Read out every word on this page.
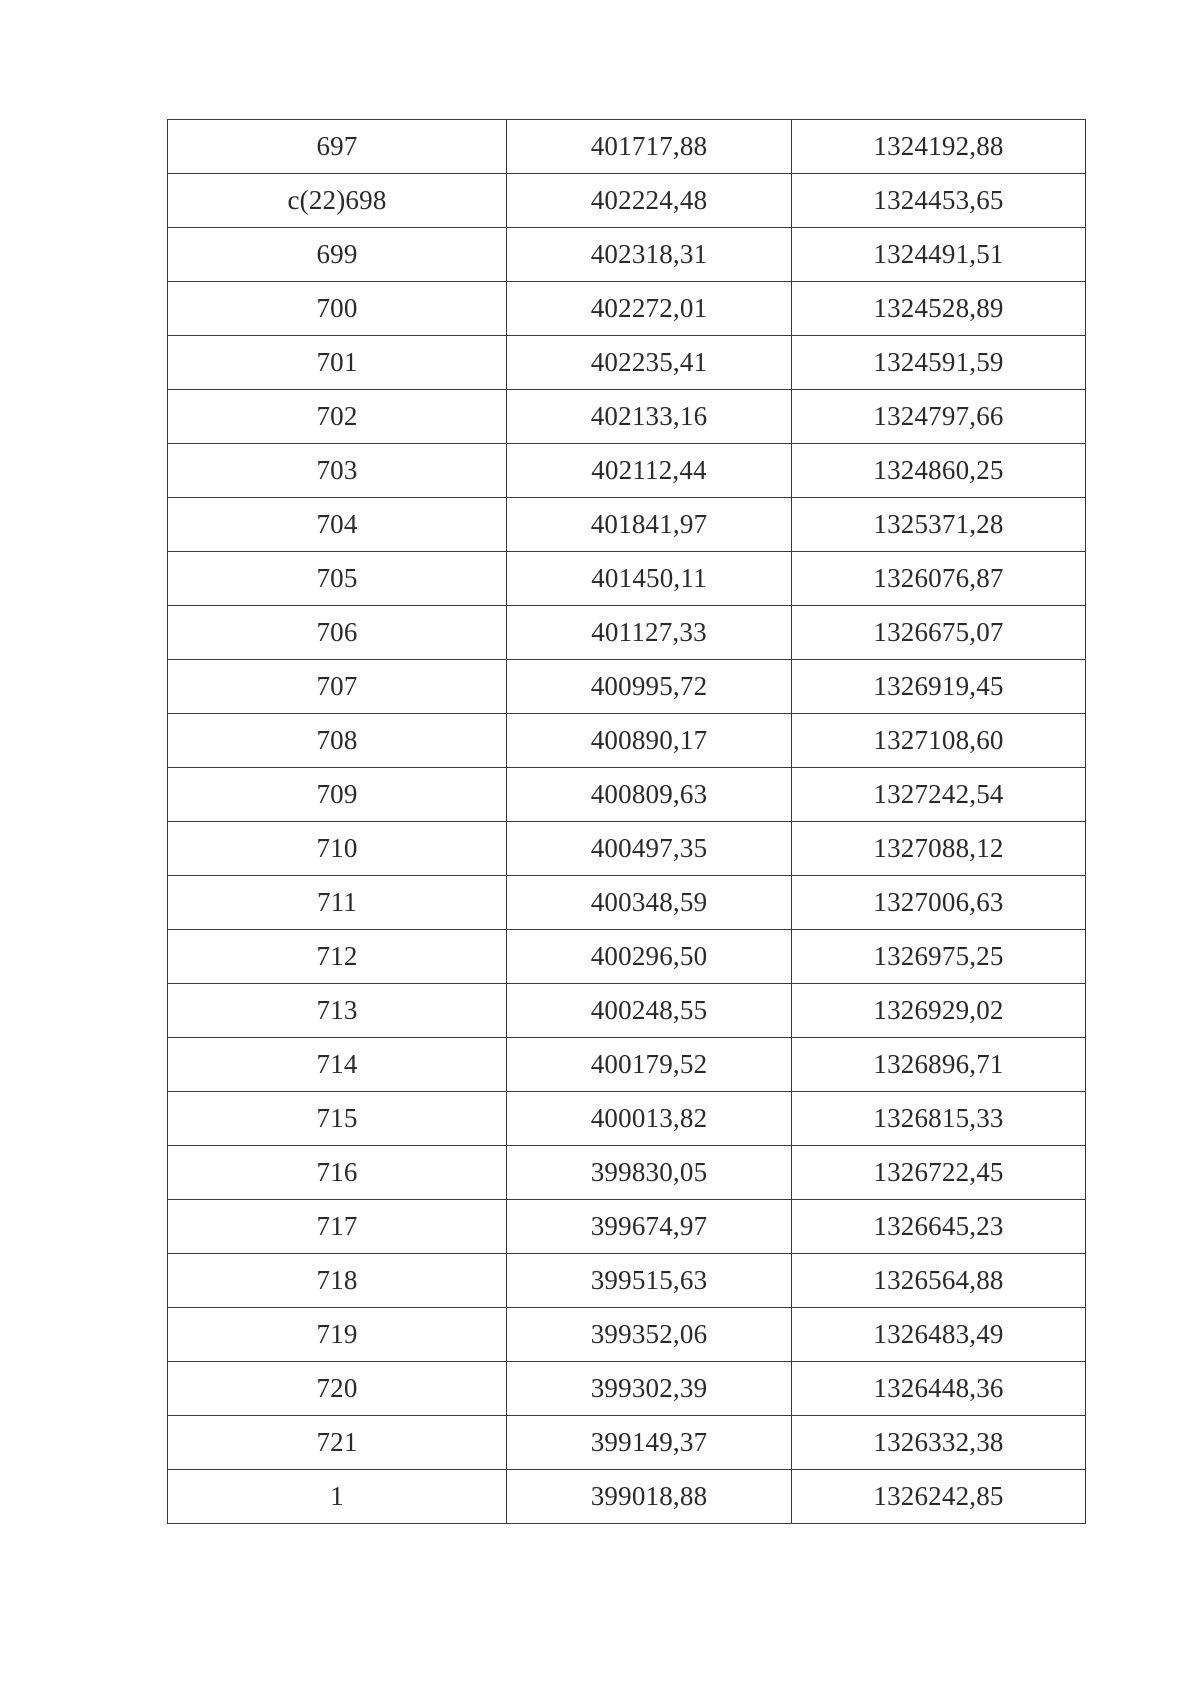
697	401717,88	1324192,88
c(22)698	402224,48	1324453,65
699	402318,31	1324491,51
700	402272,01	1324528,89
701	402235,41	1324591,59
702	402133,16	1324797,66
703	402112,44	1324860,25
704	401841,97	1325371,28
705	401450,11	1326076,87
706	401127,33	1326675,07
707	400995,72	1326919,45
708	400890,17	1327108,60
709	400809,63	1327242,54
710	400497,35	1327088,12
711	400348,59	1327006,63
712	400296,50	1326975,25
713	400248,55	1326929,02
714	400179,52	1326896,71
715	400013,82	1326815,33
716	399830,05	1326722,45
717	399674,97	1326645,23
718	399515,63	1326564,88
719	399352,06	1326483,49
720	399302,39	1326448,36
721	399149,37	1326332,38
1	399018,88	1326242,85
